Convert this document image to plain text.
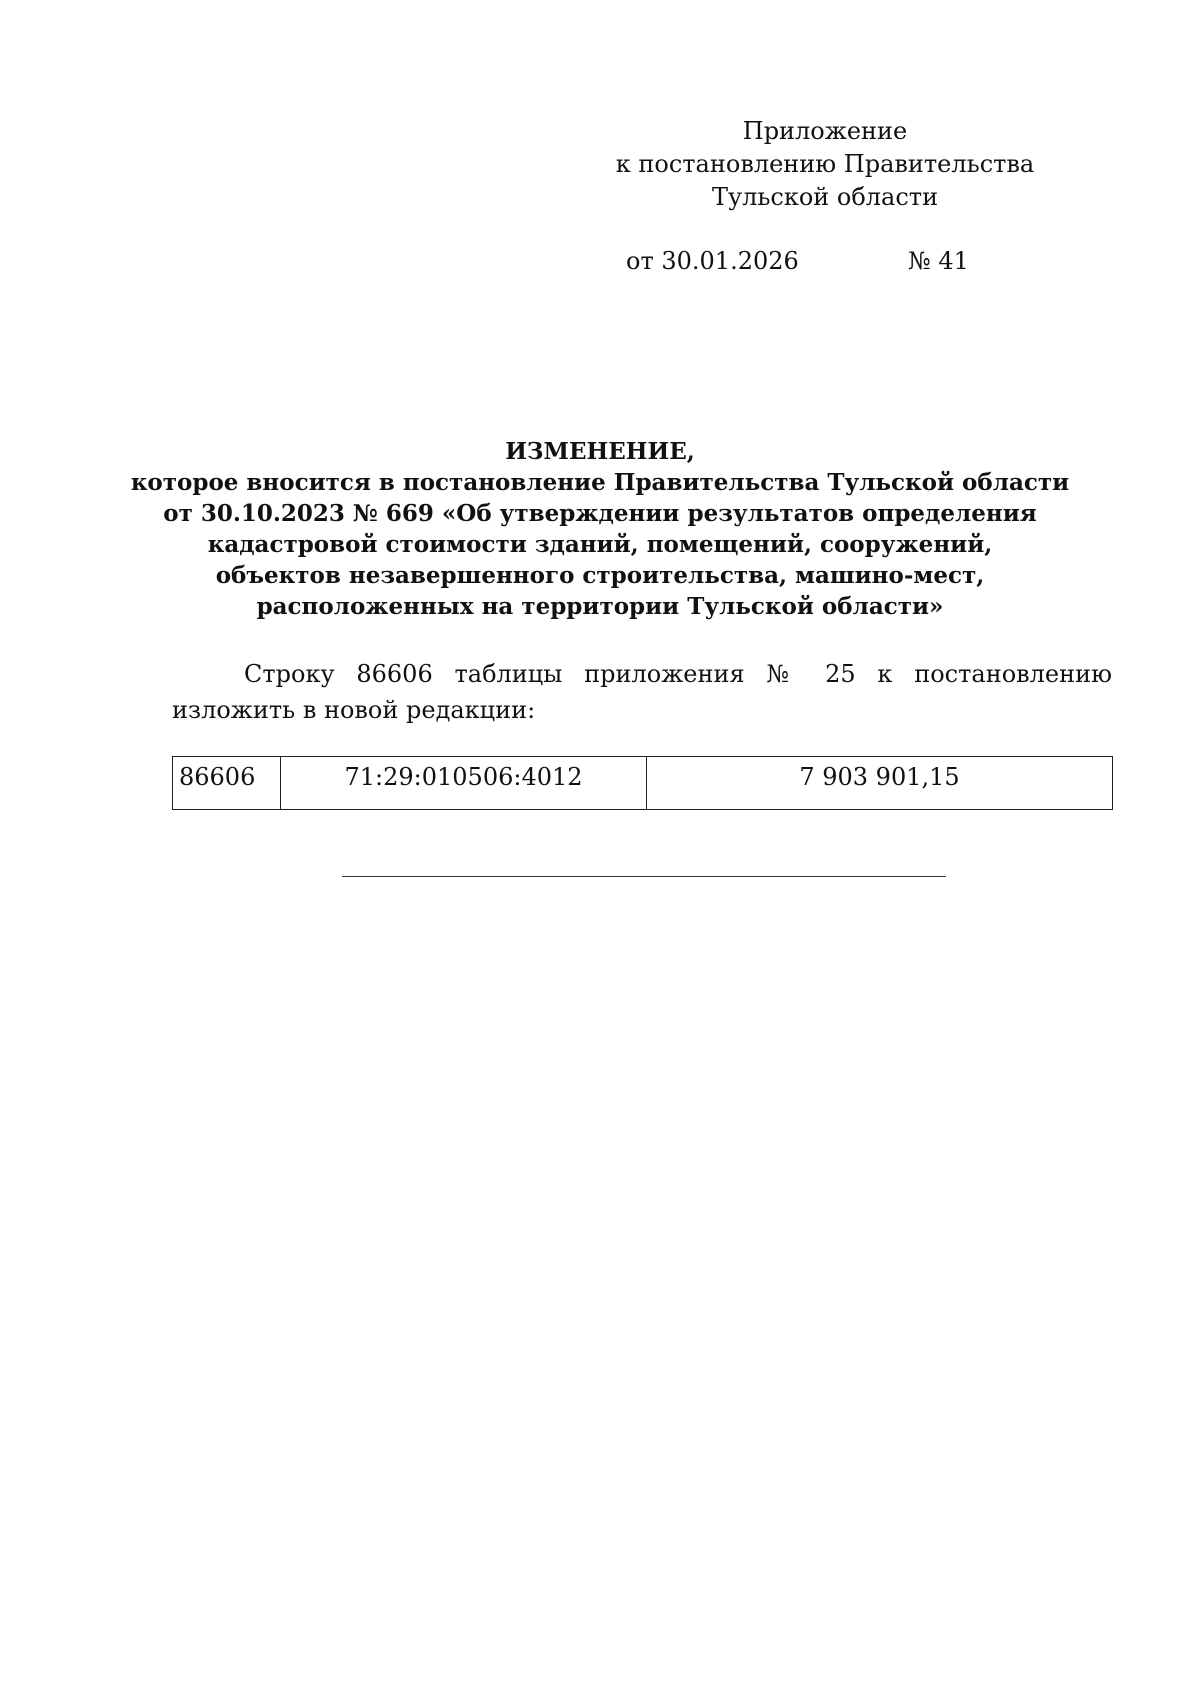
Приложение
к постановлению Правительства
Тульской области
от 30.01.2026	№ 41
ИЗМЕНЕНИЕ,
которое вносится в постановление Правительства Тульской области
от 30.10.2023 № 669 «Об утверждении результатов определения
кадастровой стоимости зданий, помещений, сооружений,
объектов незавершенного строительства, машино-мест,
расположенных на территории Тульской области»
Строку 86606 таблицы приложения № 25 к постановлению изложить в новой редакции:
86606	71:29:010506:4012	7 903 901,15
